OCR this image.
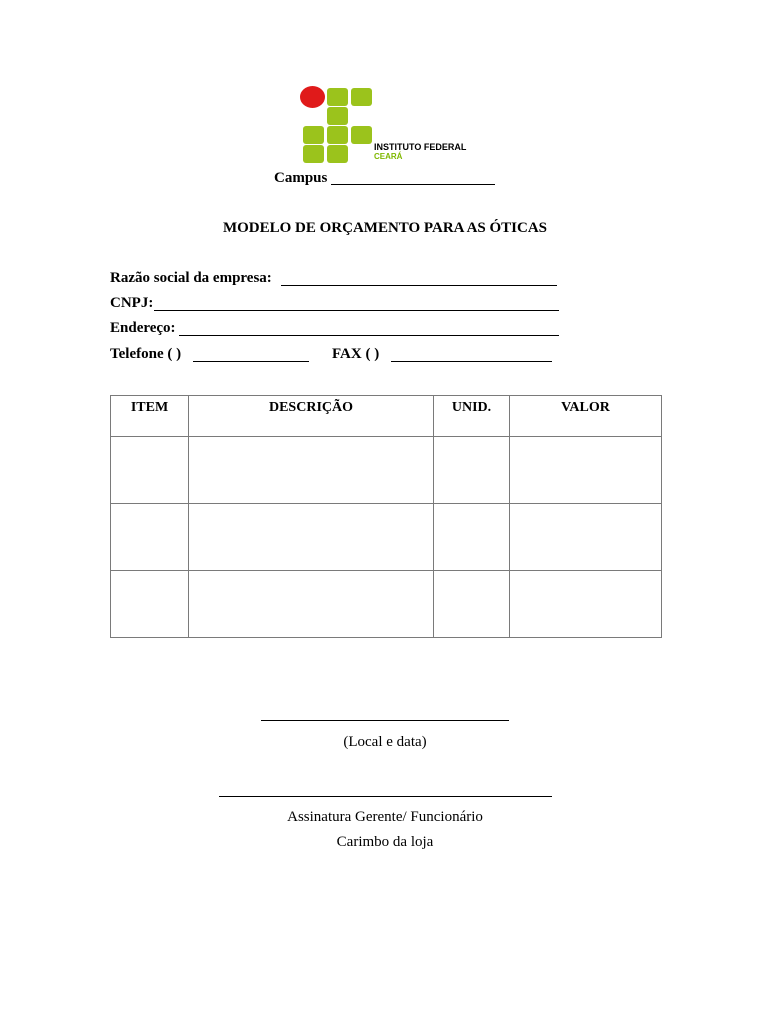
INSTITUTO FEDERAL
CEARÁ
Campus
MODELO DE ORÇAMENTO PARA AS ÓTICAS
Razão social da empresa:
CNPJ:
Endereço:
Telefone ( )	FAX ( )
ITEM	DESCRIÇÃO	UNID.	VALOR

(Local e data)
Assinatura Gerente/ Funcionário
Carimbo da loja
